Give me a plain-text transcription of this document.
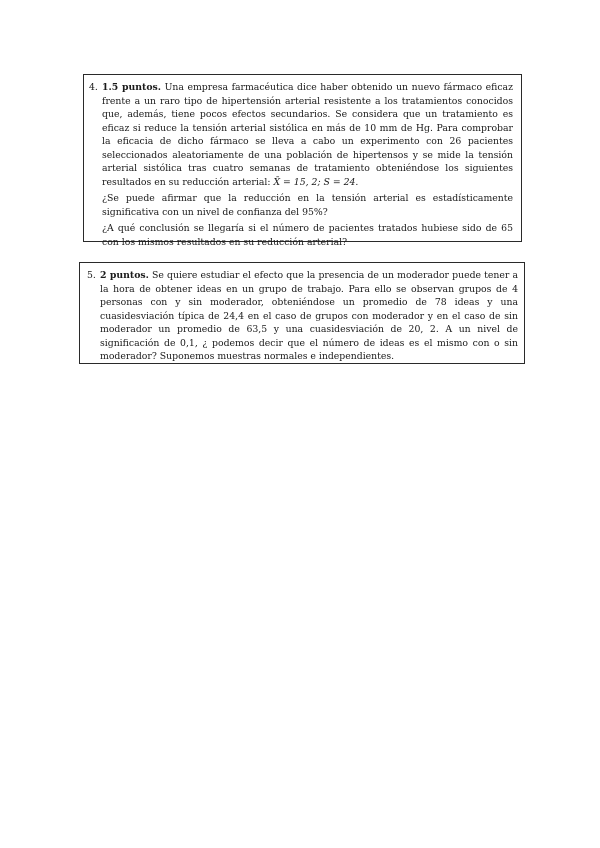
4. 1.5 puntos. Una empresa farmacéutica dice haber obtenido un nuevo fármaco eficaz frente a un raro tipo de hipertensión arterial resistente a los tratamientos conocidos que, además, tiene pocos efectos secundarios. Se considera que un tratamiento es eficaz si reduce la tensión arterial sistólica en más de 10 mm de Hg. Para comprobar la eficacia de dicho fármaco se lleva a cabo un experimento con 26 pacientes seleccionados aleatoriamente de una población de hipertensos y se mide la tensión arterial sistólica tras cuatro semanas de tratamiento obteniéndose los siguientes resultados en su reducción arterial: X̄ = 15, 2; S = 24.

¿Se puede afirmar que la reducción en la tensión arterial es estadísticamente significativa con un nivel de confianza del 95%?

¿A qué conclusión se llegaría si el número de pacientes tratados hubiese sido de 65 con los mismos resultados en su reducción arterial?

5. 2 puntos. Se quiere estudiar el efecto que la presencia de un moderador puede tener a la hora de obtener ideas en un grupo de trabajo. Para ello se observan grupos de 4 personas con y sin moderador, obteniéndose un promedio de 78 ideas y una cuasidesviación típica de 24,4 en el caso de grupos con moderador y en el caso de sin moderador un promedio de 63,5 y una cuasidesviación de 20, 2. A un nivel de significación de 0,1, ¿ podemos decir que el número de ideas es el mismo con o sin moderador? Suponemos muestras normales e independientes.
